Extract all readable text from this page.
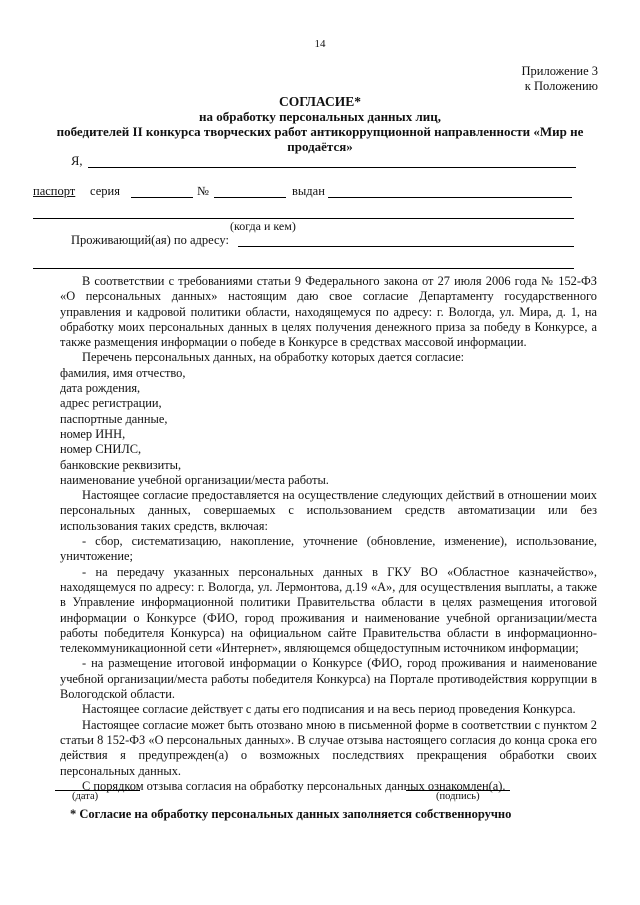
14
Приложение 3
к Положению
СОГЛАСИЕ*
на обработку персональных данных лиц,
победителей II конкурса творческих работ антикоррупционной направленности «Мир не продаётся»
Я,
паспорт серия	№	выдан
(когда и кем)
Проживающий(ая) по адресу:

В соответствии с требованиями статьи 9 Федерального закона от 27 июля 2006 года № 152-ФЗ «О персональных данных» настоящим даю свое согласие Департаменту государственного управления и кадровой политики области, находящемуся по адресу: г. Вологда, ул. Мира, д. 1, на обработку моих персональных данных в целях получения денежного приза за победу в Конкурсе, а также размещения информации о победе в Конкурсе в средствах массовой информации.

Перечень персональных данных, на обработку которых дается согласие:

фамилия, имя отчество,

дата рождения,

адрес регистрации,

паспортные данные,

номер ИНН,

номер СНИЛС,

банковские реквизиты,

наименование учебной организации/места работы.

Настоящее согласие предоставляется на осуществление следующих действий в отношении моих персональных данных, совершаемых с использованием средств автоматизации или без использования таких средств, включая:

- сбор, систематизацию, накопление, уточнение (обновление, изменение), использование, уничтожение;

- на передачу указанных персональных данных в ГКУ ВО «Областное казначейство», находящемуся по адресу: г. Вологда, ул. Лермонтова, д.19 «А», для осуществления выплаты, а также в Управление информационной политики Правительства области в целях размещения итоговой информации о Конкурсе (ФИО, город проживания и наименование учебной организации/места работы победителя Конкурса) на официальном сайте Правительства области в информационно-телекоммуникационной сети «Интернет», являющемся общедоступным источником информации;

- на размещение итоговой информации о Конкурсе (ФИО, город проживания и наименование учебной организации/места работы победителя Конкурса) на Портале противодействия коррупции в Вологодской области.

Настоящее согласие действует с даты его подписания и на весь период проведения Конкурса.

Настоящее согласие может быть отозвано мною в письменной форме в соответствии с пунктом 2 статьи 8 152-ФЗ «О персональных данных». В случае отзыва настоящего согласия до конца срока его действия я предупрежден(а) о возможных последствиях прекращения обработки своих персональных данных.

С порядком отзыва согласия на обработку персональных данных ознакомлен(а).

(дата)	(подпись)
* Согласие на обработку персональных данных заполняется собственноручно
